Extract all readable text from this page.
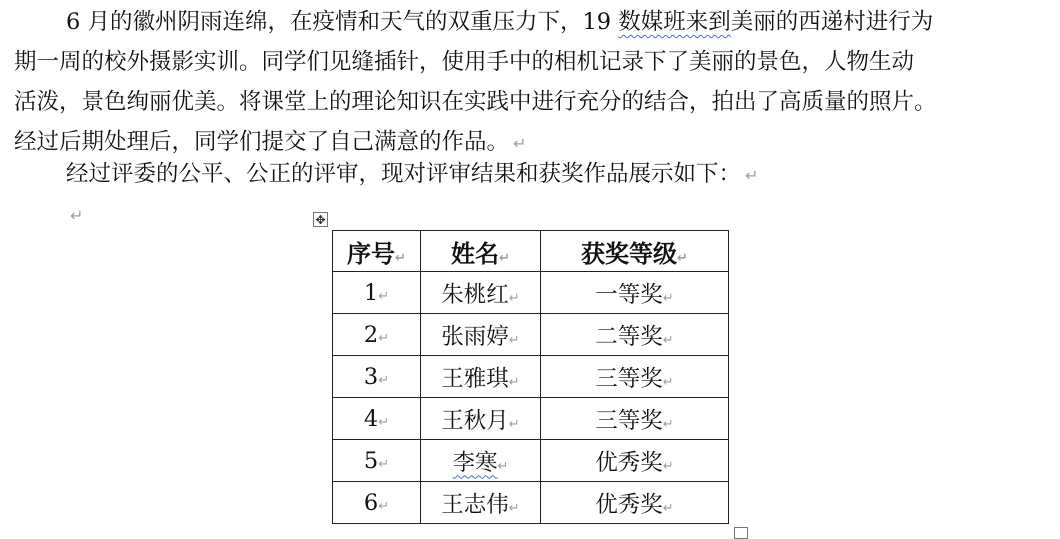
6 月的徽州阴雨连绵，在疫情和天气的双重压力下，19 数媒班来到美丽的西递村进行为
期一周的校外摄影实训。同学们见缝插针，使用手中的相机记录下了美丽的景色，人物生动
活泼，景色绚丽优美。将课堂上的理论知识在实践中进行充分的结合，拍出了高质量的照片。
经过后期处理后，同学们提交了自己满意的作品。 ↵
经过评委的公平、公正的评审，现对评审结果和获奖作品展示如下： ↵
↵	✥
序号↵	姓名↵	获奖等级↵
1↵	朱桃红↵	一等奖↵
2↵	张雨婷↵	二等奖↵
3↵	王雅琪↵	三等奖↵
4↵	王秋月↵	三等奖↵
5↵	李寒↵	优秀奖↵
6↵	王志伟↵	优秀奖↵
